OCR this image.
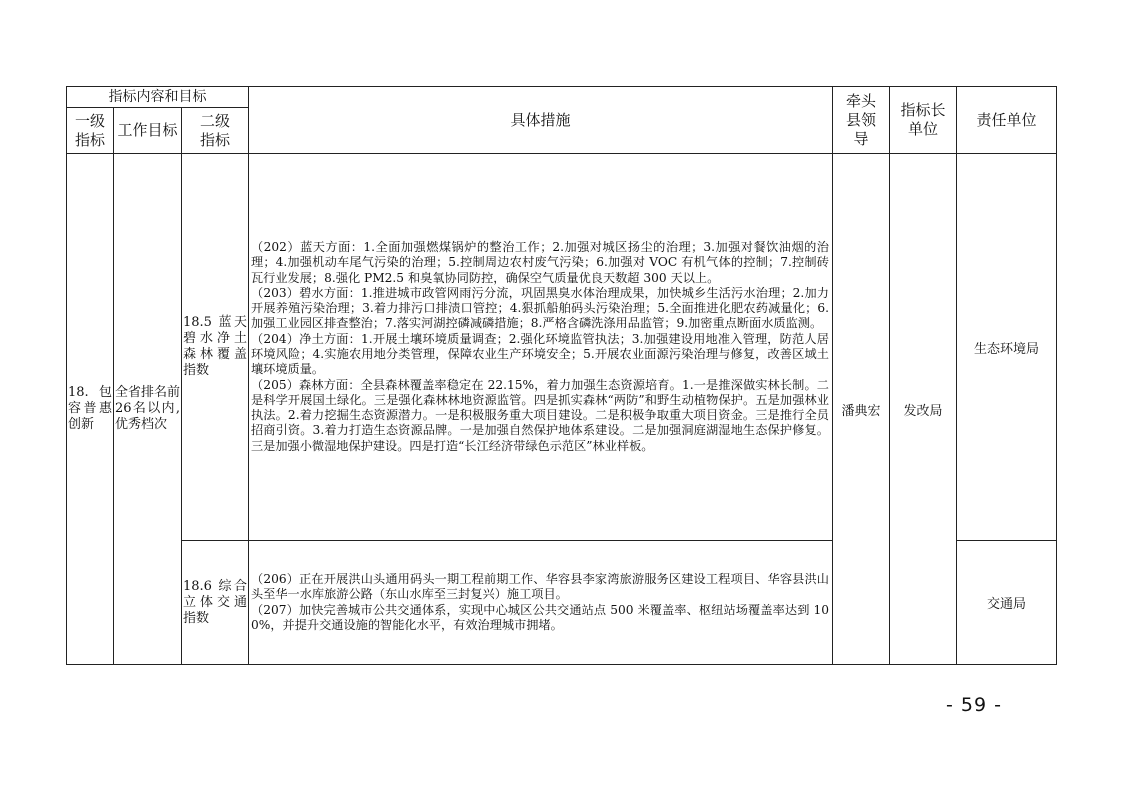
指标内容和目标			具体措施	牵头县领导	指标长单位	责任单位

一级指标	工作目标	二级指标				

18.包容普惠创新	全省排名前26名以内,优秀档次	18.5 蓝天碧水净土森林覆盖指数	（202）蓝天方面：1.全面加强燃煤锅炉的整治工作；2.加强对城区扬尘的治理；3.加强对餐饮油烟的治理；4.加强机动车尾气污染的治理；5.控制周边农村废气污染；6.加强对 VOC 有机气体的控制；7.控制砖瓦行业发展；8.强化 PM2.5 和臭氧协同防控，确保空气质量优良天数超 300 天以上。

（203）碧水方面：1.推进城市政管网雨污分流，巩固黑臭水体治理成果，加快城乡生活污水治理；2.加力开展养殖污染治理；3.着力排污口排渍口管控；4.狠抓船舶码头污染治理；5.全面推进化肥农药减量化；6.加强工业园区排查整治；7.落实河湖控磷减磷措施；8.严格含磷洗涤用品监管；9.加密重点断面水质监测。

（204）净土方面：1.开展土壤环境质量调查；2.强化环境监管执法；3.加强建设用地准入管理，防范人居环境风险；4.实施农用地分类管理，保障农业生产环境安全；5.开展农业面源污染治理与修复，改善区域土壤环境质量。

（205）森林方面：全县森林覆盖率稳定在 22.15%，着力加强生态资源培育。1.一是推深做实林长制。二是科学开展国土绿化。三是强化森林林地资源监管。四是抓实森林“两防”和野生动植物保护。五是加强林业执法。2.着力挖掘生态资源潜力。一是积极服务重大项目建设。二是积极争取重大项目资金。三是推行全员招商引资。3.着力打造生态资源品牌。一是加强自然保护地体系建设。二是加强洞庭湖湿地生态保护修复。三是加强小微湿地保护建设。四是打造“长江经济带绿色示范区”林业样板。	潘典宏	发改局	生态环境局
		18.6 综合立体交通指数	（206）正在开展洪山头通用码头一期工程前期工作、华容县李家湾旅游服务区建设工程项目、华容县洪山头至华一水库旅游公路（东山水库至三封复兴）施工项目。

（207）加快完善城市公共交通体系，实现中心城区公共交通站点 500 米覆盖率、枢纽站场覆盖率达到 100%，并提升交通设施的智能化水平，有效治理城市拥堵。			交通局
- 59 -
